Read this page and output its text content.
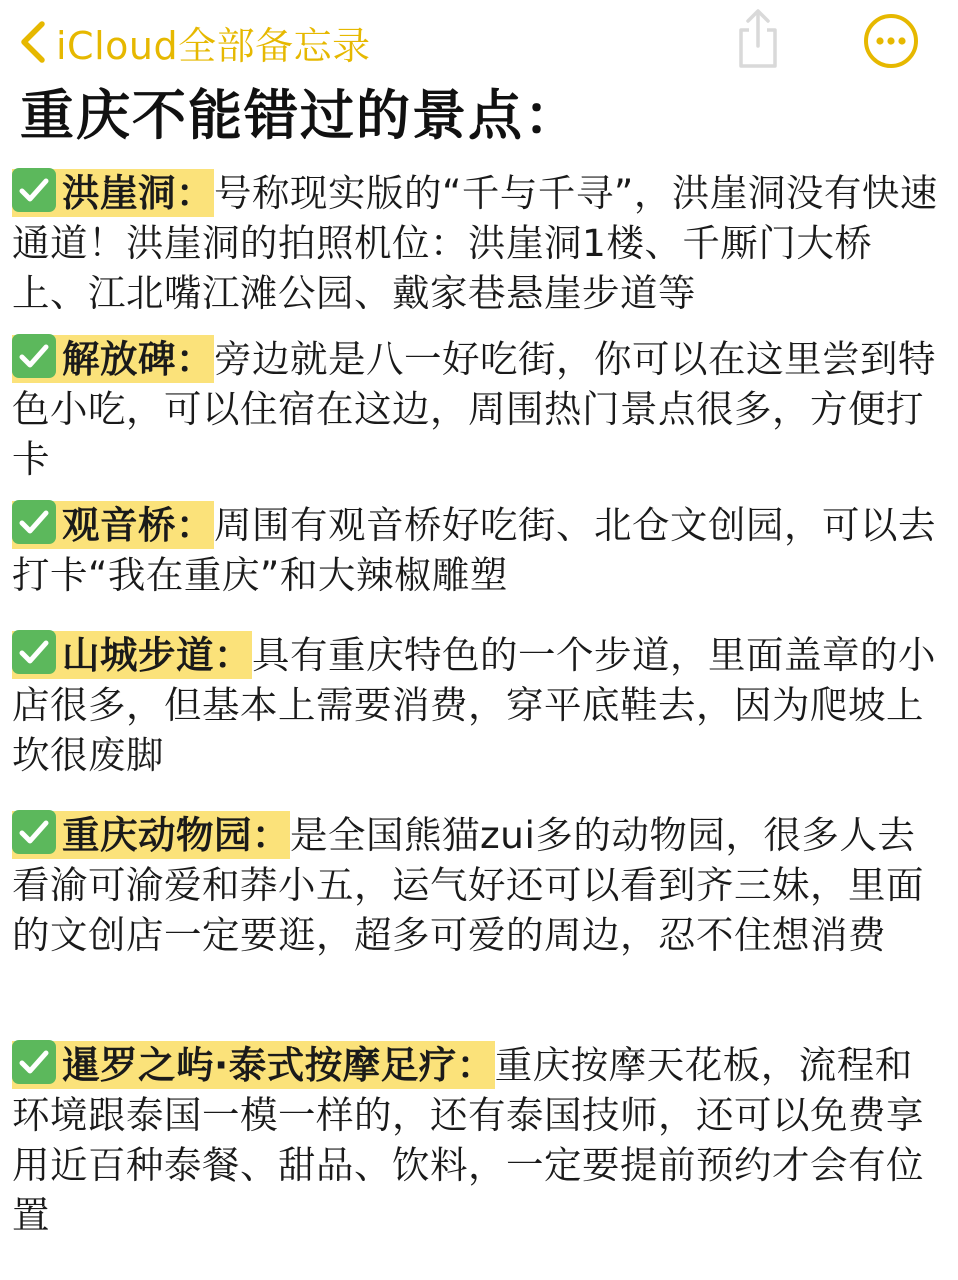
iCloud全部备忘录
重庆不能错过的景点：
洪崖洞：号称现实版的“千与千寻”，洪崖洞没有快速通道！洪崖洞的拍照机位：洪崖洞1楼、千厮门大桥上、江北嘴江滩公园、戴家巷悬崖步道等
解放碑：旁边就是八一好吃街，你可以在这里尝到特色小吃，可以住宿在这边，周围热门景点很多，方便打卡
观音桥：周围有观音桥好吃街、北仓文创园，可以去打卡“我在重庆”和大辣椒雕塑
山城步道：具有重庆特色的一个步道，里面盖章的小店很多，但基本上需要消费，穿平底鞋去，因为爬坡上坎很废脚
重庆动物园：是全国熊猫zui多的动物园，很多人去看渝可渝爱和莽小五，运气好还可以看到齐三妹，里面的文创店一定要逛，超多可爱的周边，忍不住想消费
暹罗之屿·泰式按摩足疗：重庆按摩天花板，流程和环境跟泰国一模一样的，还有泰国技师，还可以免费享用近百种泰餐、甜品、饮料，一定要提前预约才会有位置
